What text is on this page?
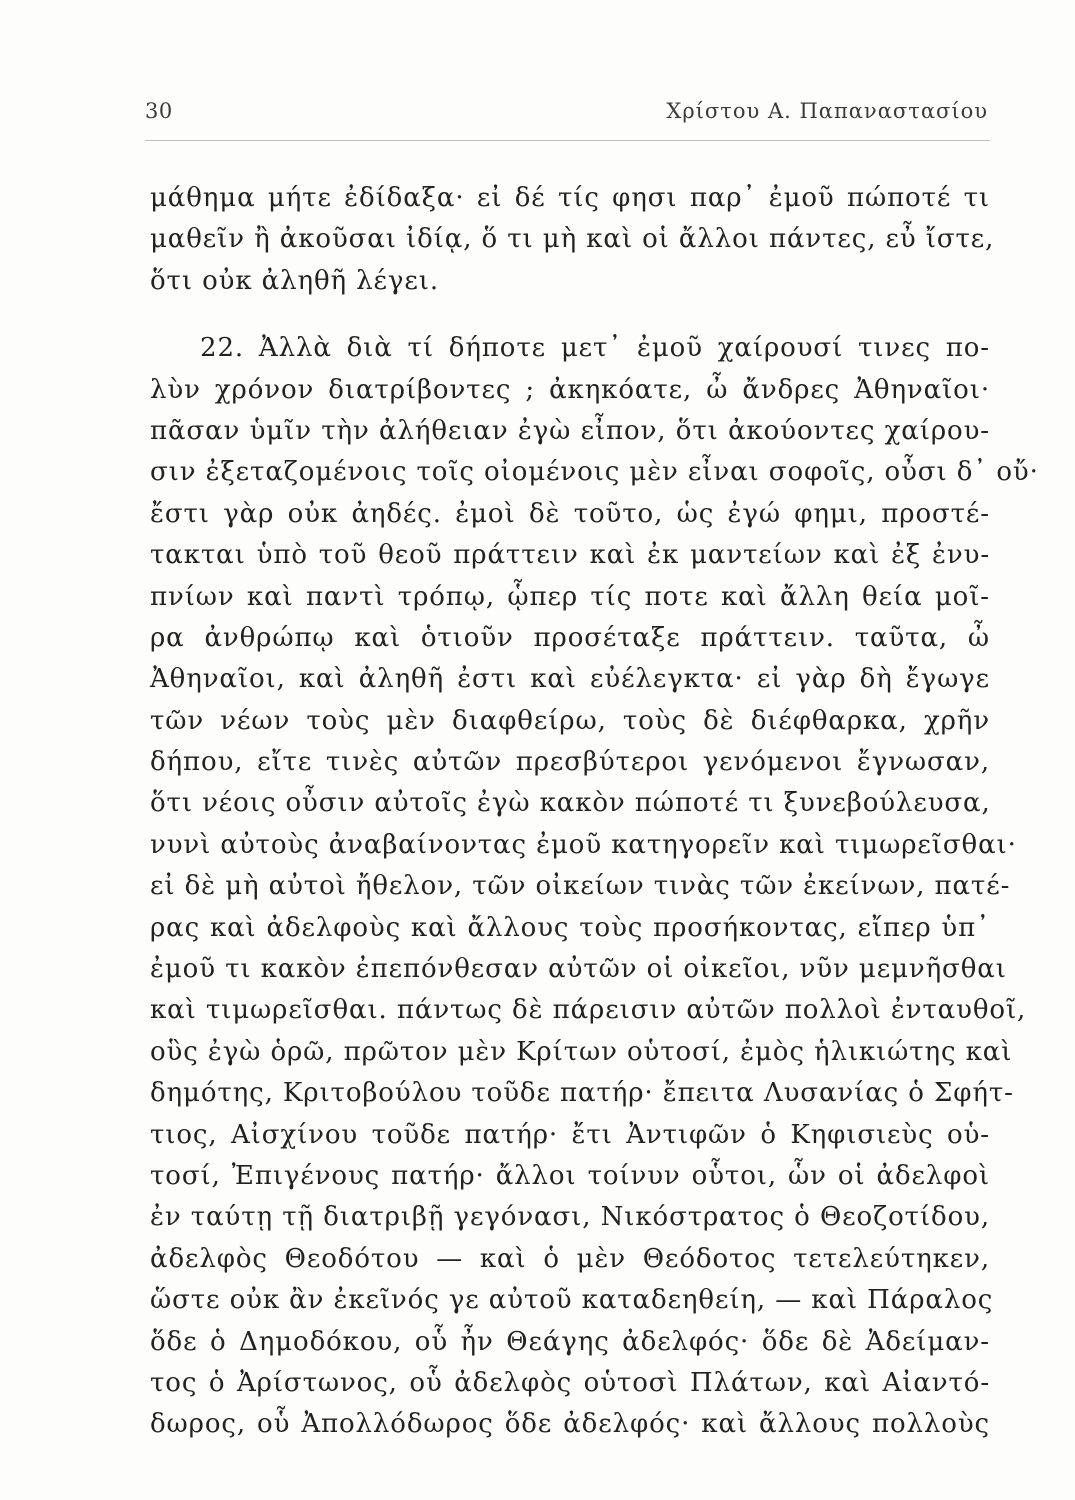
30	Χρίστου Α. Παπαναστασίου
μάθημα μήτε ἐδίδαξα· εἰ δέ τίς φησι παρ᾽ ἐμοῦ πώποτέ τι
μαθεῖν ἢ ἀκοῦσαι ἰδίᾳ, ὅ τι μὴ καὶ οἱ ἄλλοι πάντες, εὖ ἴστε,
ὅτι οὐκ ἀληθῆ λέγει.
22. Ἀλλὰ διὰ τί δήποτε μετ᾽ ἐμοῦ χαίρουσί τινες πο-
λὺν χρόνον διατρίβοντες ; ἀκηκόατε, ὦ ἄνδρες Ἀθηναῖοι·
πᾶσαν ὑμῖν τὴν ἀλήθειαν ἐγὼ εἶπον, ὅτι ἀκούοντες χαίρου-
σιν ἐξεταζομένοις τοῖς οἰομένοις μὲν εἶναι σοφοῖς, οὖσι δ᾽ οὔ·
ἔστι γὰρ οὐκ ἀηδές. ἐμοὶ δὲ τοῦτο, ὡς ἐγώ φημι, προστέ-
τακται ὑπὸ τοῦ θεοῦ πράττειν καὶ ἐκ μαντείων καὶ ἐξ ἐνυ-
πνίων καὶ παντὶ τρόπῳ, ᾧπερ τίς ποτε καὶ ἄλλη θεία μοῖ-
ρα ἀνθρώπῳ καὶ ὁτιοῦν προσέταξε πράττειν. ταῦτα, ὦ
Ἀθηναῖοι, καὶ ἀληθῆ ἐστι καὶ εὐέλεγκτα· εἰ γὰρ δὴ ἔγωγε
τῶν νέων τοὺς μὲν διαφθείρω, τοὺς δὲ διέφθαρκα, χρῆν
δήπου, εἴτε τινὲς αὐτῶν πρεσβύτεροι γενόμενοι ἔγνωσαν,
ὅτι νέοις οὖσιν αὐτοῖς ἐγὼ κακὸν πώποτέ τι ξυνεβούλευσα,
νυνὶ αὐτοὺς ἀναβαίνοντας ἐμοῦ κατηγορεῖν καὶ τιμωρεῖσθαι·
εἰ δὲ μὴ αὐτοὶ ἤθελον, τῶν οἰκείων τινὰς τῶν ἐκείνων, πατέ-
ρας καὶ ἀδελφοὺς καὶ ἄλλους τοὺς προσήκοντας, εἴπερ ὑπ᾽
ἐμοῦ τι κακὸν ἐπεπόνθεσαν αὐτῶν οἱ οἰκεῖοι, νῦν μεμνῆσθαι
καὶ τιμωρεῖσθαι. πάντως δὲ πάρεισιν αὐτῶν πολλοὶ ἐνταυθοῖ,
οὓς ἐγὼ ὁρῶ, πρῶτον μὲν Κρίτων οὑτοσί, ἐμὸς ἡλικιώτης καὶ
δημότης, Κριτοβούλου τοῦδε πατήρ· ἔπειτα Λυσανίας ὁ Σφήτ-
τιος, Αἰσχίνου τοῦδε πατήρ· ἔτι Ἀντιφῶν ὁ Κηφισιεὺς οὑ-
τοσί, Ἐπιγένους πατήρ· ἄλλοι τοίνυν οὗτοι, ὧν οἱ ἀδελφοὶ
ἐν ταύτῃ τῇ διατριβῇ γεγόνασι, Νικόστρατος ὁ Θεοζοτίδου,
ἀδελφὸς Θεοδότου — καὶ ὁ μὲν Θεόδοτος τετελεύτηκεν,
ὥστε οὐκ ἂν ἐκεῖνός γε αὐτοῦ καταδεηθείη, — καὶ Πάραλος
ὅδε ὁ Δημοδόκου, οὗ ἦν Θεάγης ἀδελφός· ὅδε δὲ Ἀδείμαν-
τος ὁ Ἀρίστωνος, οὗ ἀδελφὸς οὑτοσὶ Πλάτων, καὶ Αἰαντό-
δωρος, οὗ Ἀπολλόδωρος ὅδε ἀδελφός· καὶ ἄλλους πολλοὺς
